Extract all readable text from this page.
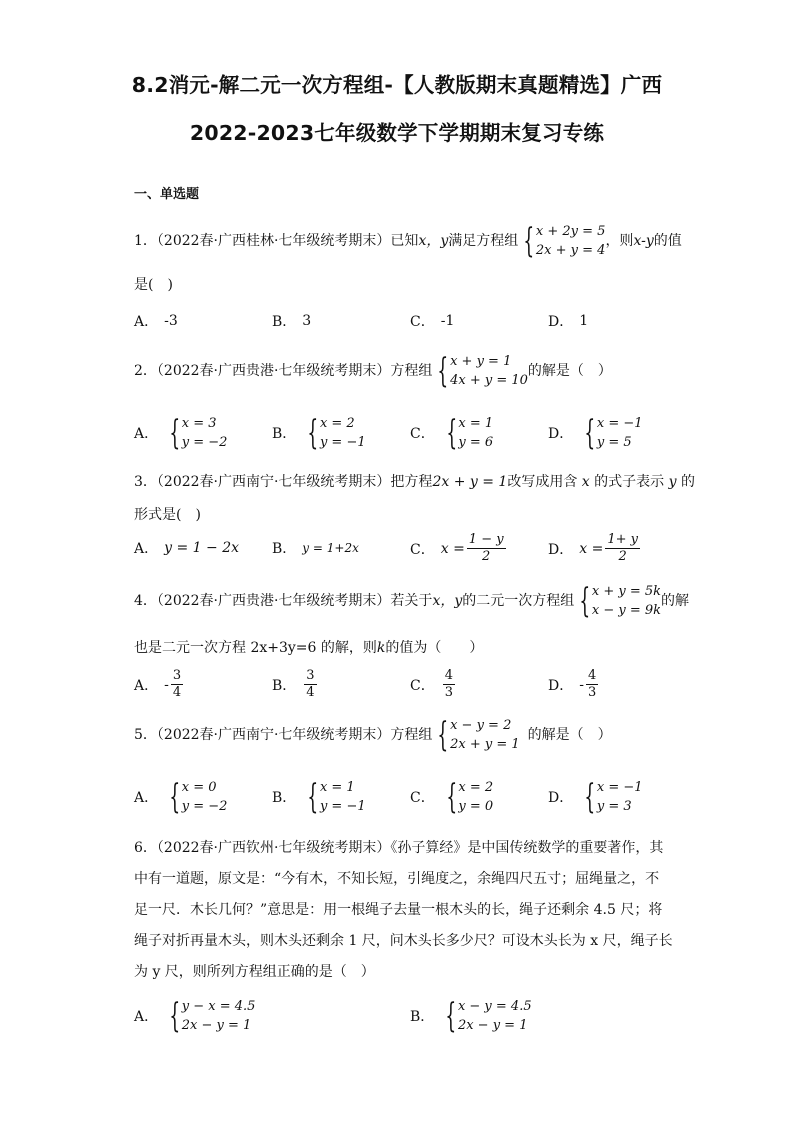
8.2消元-解二元一次方程组-【人教版期末真题精选】广西
2022-2023七年级数学下学期期末复习专练
一、单选题
1．（2022春·广西桂林·七年级统考期末）已知 x，y 满足方程组 { x + 2y = 5
2x + y = 4
，则 x-y 的值
是(　)
A． -3	B． 3	C． -1	D． 1
2．（2022春·广西贵港·七年级统考期末）方程组 { x + y = 1
4x + y = 10
的解是（　）
A． { x = 3
y = −2
B． { x = 2
y = −1
C． { x = 1
y = 6
D． { x = −1
y = 5
3．（2022春·广西南宁·七年级统考期末）把方程2x + y = 1改写成用含 x 的式子表示 y 的
形式是(　)
A． y = 1 − 2x B． y = 1+2x	C． $x = \frac{1 - y}{2}$	D． $x = \frac{1+ y}{2}$
4．（2022春·广西贵港·七年级统考期末）若关于 x，y 的二元一次方程组 { x + y = 5k
x − y = 9k
的解
也是二元一次方程 2x+3y=6 的解，则k的值为（　　）
A． - $\frac{3}{4}$	B． $\frac{3}{4}$	C． $\frac{4}{3}$	D． - $\frac{4}{3}$
5．（2022春·广西南宁·七年级统考期末）方程组 { x − y = 2
2x + y = 1
的解是（　）
A． { x = 0
y = −2
B． { x = 1
y = −1
C． { x = 2
y = 0
D． { x = −1
y = 3
6．（2022春·广西钦州·七年级统考期末）《孙子算经》是中国传统数学的重要著作，其
中有一道题，原文是：“今有木，不知长短，引绳度之，余绳四尺五寸；屈绳量之，不
足一尺．木长几何？”意思是：用一根绳子去量一根木头的长，绳子还剩余 4.5 尺；将
绳子对折再量木头，则木头还剩余 1 尺，问木头长多少尺？可设木头长为 x 尺，绳子长
为 y 尺，则所列方程组正确的是（　）
A． { y − x = 4.5
2x − y = 1
B． { x − y = 4.5
2x − y = 1
